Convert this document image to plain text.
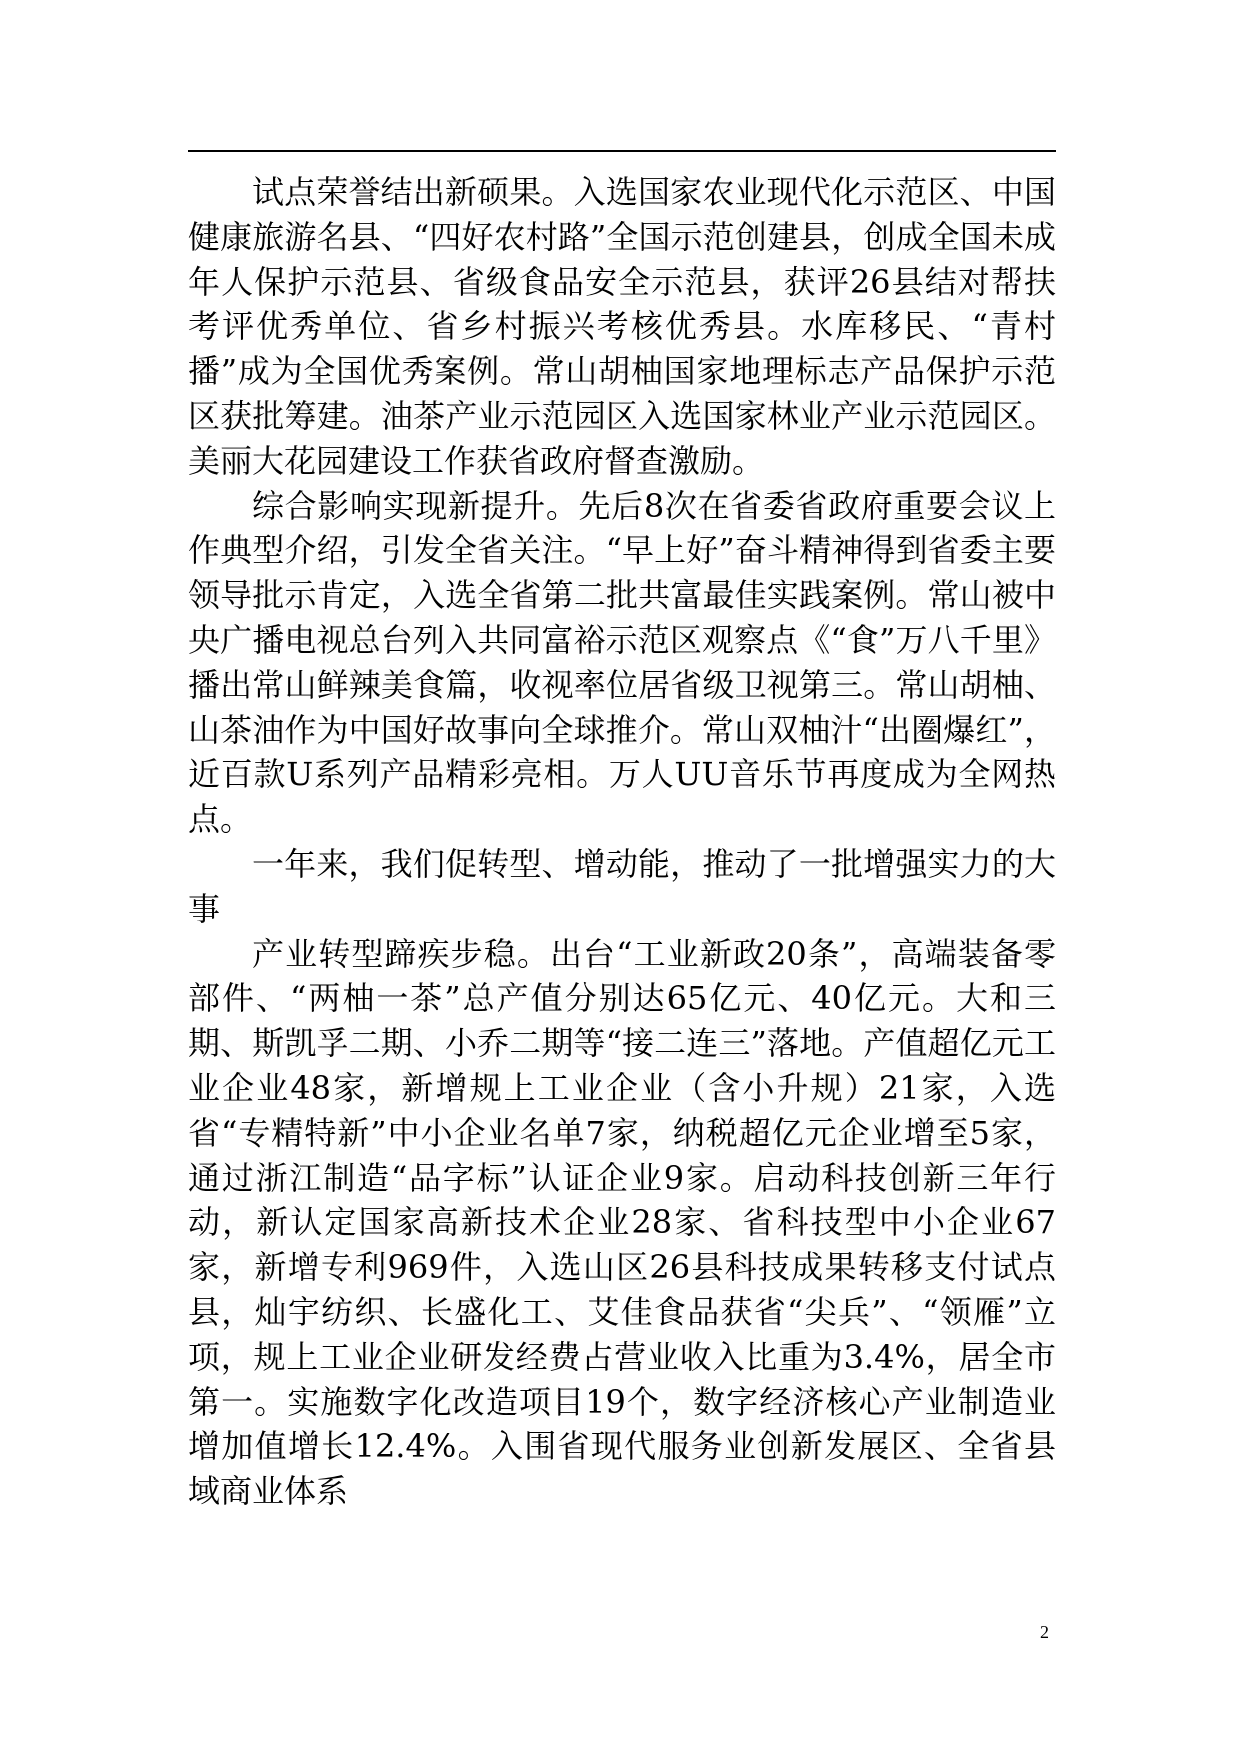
试点荣誉结出新硕果。入选国家农业现代化示范区、中国健康旅游名县、“四好农村路”全国示范创建县，创成全国未成年人保护示范县、省级食品安全示范县，获评26县结对帮扶考评优秀单位、省乡村振兴考核优秀县。水库移民、“青村播”成为全国优秀案例。常山胡柚国家地理标志产品保护示范区获批筹建。油茶产业示范园区入选国家林业产业示范园区。美丽大花园建设工作获省政府督查激励。

综合影响实现新提升。先后8次在省委省政府重要会议上作典型介绍，引发全省关注。“早上好”奋斗精神得到省委主要领导批示肯定，入选全省第二批共富最佳实践案例。常山被中央广播电视总台列入共同富裕示范区观察点《“食”万八千里》播出常山鲜辣美食篇，收视率位居省级卫视第三。常山胡柚、山茶油作为中国好故事向全球推介。常山双柚汁“出圈爆红”，近百款U系列产品精彩亮相。万人UU音乐节再度成为全网热点。

一年来，我们促转型、增动能，推动了一批增强实力的大事

产业转型蹄疾步稳。出台“工业新政20条”，高端装备零部件、“两柚一茶”总产值分别达65亿元、40亿元。大和三期、斯凯孚二期、小乔二期等“接二连三”落地。产值超亿元工业企业48家，新增规上工业企业（含小升规）21家，入选省“专精特新”中小企业名单7家，纳税超亿元企业增至5家，通过浙江制造“品字标”认证企业9家。启动科技创新三年行动，新认定国家高新技术企业28家、省科技型中小企业67家，新增专利969件，入选山区26县科技成果转移支付试点县，灿宇纺织、长盛化工、艾佳食品获省“尖兵”、“领雁”立项，规上工业企业研发经费占营业收入比重为3.4%，居全市第一。实施数字化改造项目19个，数字经济核心产业制造业增加值增长12.4%。入围省现代服务业创新发展区、全省县域商业体系

2
